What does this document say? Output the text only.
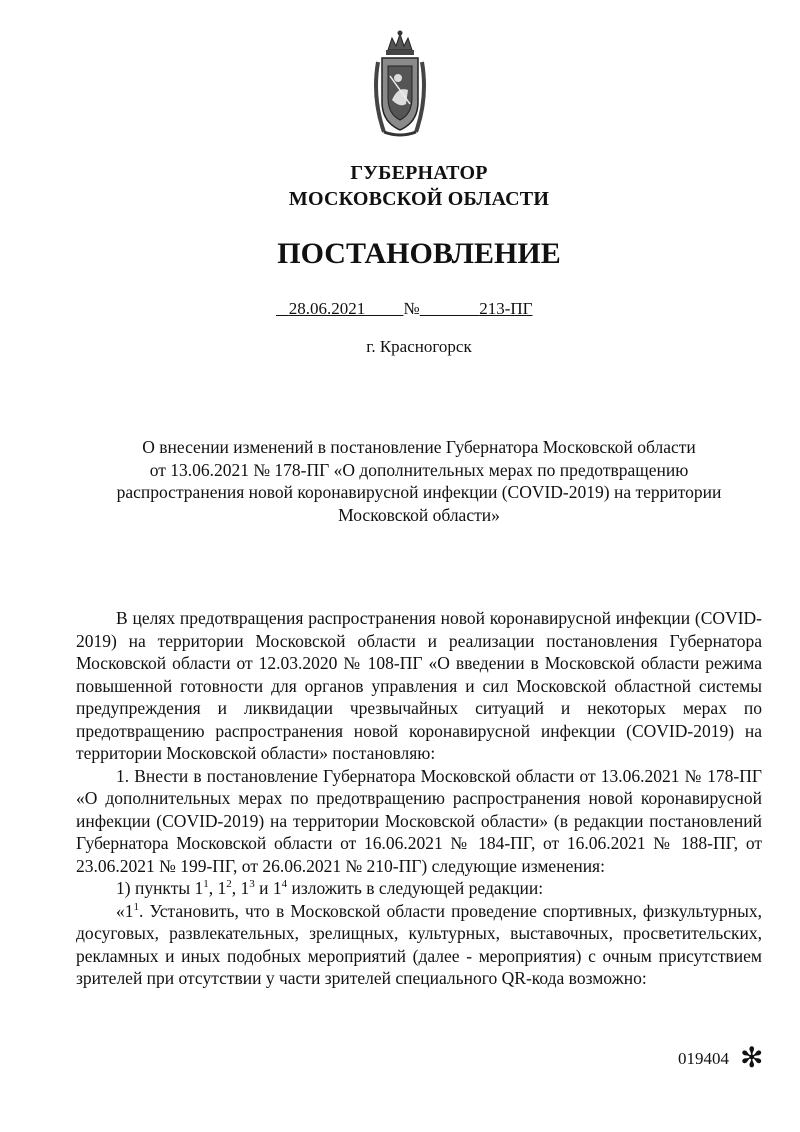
ГУБЕРНАТОР
МОСКОВСКОЙ ОБЛАСТИ
ПОСТАНОВЛЕНИЕ
28.06.2021 №	213-ПГ
г. Красногорск
О внесении изменений в постановление Губернатора Московской области
от 13.06.2021 № 178-ПГ «О дополнительных мерах по предотвращению
распространения новой коронавирусной инфекции (COVID-2019) на территории
Московской области»

В целях предотвращения распространения новой коронавирусной инфекции (COVID-2019) на территории Московской области и реализации постановления Губернатора Московской области от 12.03.2020 № 108-ПГ «О введении в Московской области режима повышенной готовности для органов управления и сил Московской областной системы предупреждения и ликвидации чрезвычайных ситуаций и некоторых мерах по предотвращению распространения новой коронавирусной инфекции (COVID-2019) на территории Московской области» постановляю:

1. Внести в постановление Губернатора Московской области от 13.06.2021 № 178-ПГ «О дополнительных мерах по предотвращению распространения новой коронавирусной инфекции (COVID-2019) на территории Московской области» (в редакции постановлений Губернатора Московской области от 16.06.2021 № 184-ПГ, от 16.06.2021 № 188-ПГ, от 23.06.2021 № 199-ПГ, от 26.06.2021 № 210-ПГ) следующие изменения:

1) пункты $1^1$, $1^2$, $1^3$ и $1^4$ изложить в следующей редакции:

«$1^1$. Установить, что в Московской области проведение спортивных, физкультурных, досуговых, развлекательных, зрелищных, культурных, выставочных, просветительских, рекламных и иных подобных мероприятий (далее - мероприятия) с очным присутствием зрителей при отсутствии у части зрителей специального QR-кода возможно:

019404 ✻
